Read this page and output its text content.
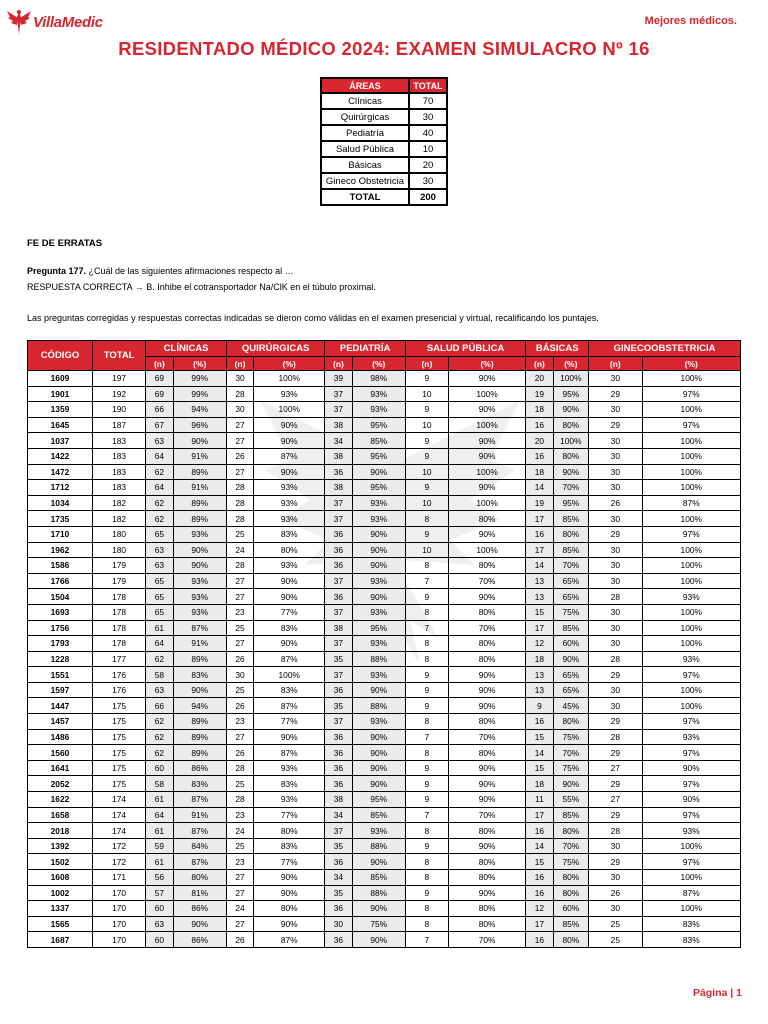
VillaMedic	Mejores médicos.
RESIDENTADO MÉDICO 2024: EXAMEN SIMULACRO Nº 16
ÁREAS	TOTAL
Clínicas	70
Quirúrgicas	30
Pediatría	40
Salud Pública	10
Básicas	20
Gineco Obstetricia	30
TOTAL	200
FE DE ERRATAS
Pregunta 177. ¿Cuál de las siguientes afirmaciones respecto al …
RESPUESTA CORRECTA → B. Inhibe el cotransportador Na/ClK en el túbulo proximal.
Las preguntas corregidas y respuestas correctas indicadas se dieron como válidas en el examen presencial y virtual, recalificando los puntajes.
CÓDIGO	TOTAL	CLÍNICAS		QUIRÚRGICAS		PEDIATRÍA		SALUD PÚBLICA		BÁSICAS		GINECOOBSTETRICIA	
		(n)	(%)	(n)	(%)	(n)	(%)	(n)	(%)	(n)	(%)	(n)	(%)
1609	197	69	99%	30	100%	39	98%	9	90%	20	100%	30	100%
1901	192	69	99%	28	93%	37	93%	10	100%	19	95%	29	97%
1359	190	66	94%	30	100%	37	93%	9	90%	18	90%	30	100%
1645	187	67	96%	27	90%	38	95%	10	100%	16	80%	29	97%
1037	183	63	90%	27	90%	34	85%	9	90%	20	100%	30	100%
1422	183	64	91%	26	87%	38	95%	9	90%	16	80%	30	100%
1472	183	62	89%	27	90%	36	90%	10	100%	18	90%	30	100%
1712	183	64	91%	28	93%	38	95%	9	90%	14	70%	30	100%
1034	182	62	89%	28	93%	37	93%	10	100%	19	95%	26	87%
1735	182	62	89%	28	93%	37	93%	8	80%	17	85%	30	100%
1710	180	65	93%	25	83%	36	90%	9	90%	16	80%	29	97%
1962	180	63	90%	24	80%	36	90%	10	100%	17	85%	30	100%
1586	179	63	90%	28	93%	36	90%	8	80%	14	70%	30	100%
1766	179	65	93%	27	90%	37	93%	7	70%	13	65%	30	100%
1504	178	65	93%	27	90%	36	90%	9	90%	13	65%	28	93%
1693	178	65	93%	23	77%	37	93%	8	80%	15	75%	30	100%
1756	178	61	87%	25	83%	38	95%	7	70%	17	85%	30	100%
1793	178	64	91%	27	90%	37	93%	8	80%	12	60%	30	100%
1228	177	62	89%	26	87%	35	88%	8	80%	18	90%	28	93%
1551	176	58	83%	30	100%	37	93%	9	90%	13	65%	29	97%
1597	176	63	90%	25	83%	36	90%	9	90%	13	65%	30	100%
1447	175	66	94%	26	87%	35	88%	9	90%	9	45%	30	100%
1457	175	62	89%	23	77%	37	93%	8	80%	16	80%	29	97%
1486	175	62	89%	27	90%	36	90%	7	70%	15	75%	28	93%
1560	175	62	89%	26	87%	36	90%	8	80%	14	70%	29	97%
1641	175	60	86%	28	93%	36	90%	9	90%	15	75%	27	90%
2052	175	58	83%	25	83%	36	90%	9	90%	18	90%	29	97%
1622	174	61	87%	28	93%	38	95%	9	90%	11	55%	27	90%
1658	174	64	91%	23	77%	34	85%	7	70%	17	85%	29	97%
2018	174	61	87%	24	80%	37	93%	8	80%	16	80%	28	93%
1392	172	59	84%	25	83%	35	88%	9	90%	14	70%	30	100%
1502	172	61	87%	23	77%	36	90%	8	80%	15	75%	29	97%
1608	171	56	80%	27	90%	34	85%	8	80%	16	80%	30	100%
1002	170	57	81%	27	90%	35	88%	9	90%	16	80%	26	87%
1337	170	60	86%	24	80%	36	90%	8	80%	12	60%	30	100%
1565	170	63	90%	27	90%	30	75%	8	80%	17	85%	25	83%
1687	170	60	86%	26	87%	36	90%	7	70%	16	80%	25	83%
Página | 1
